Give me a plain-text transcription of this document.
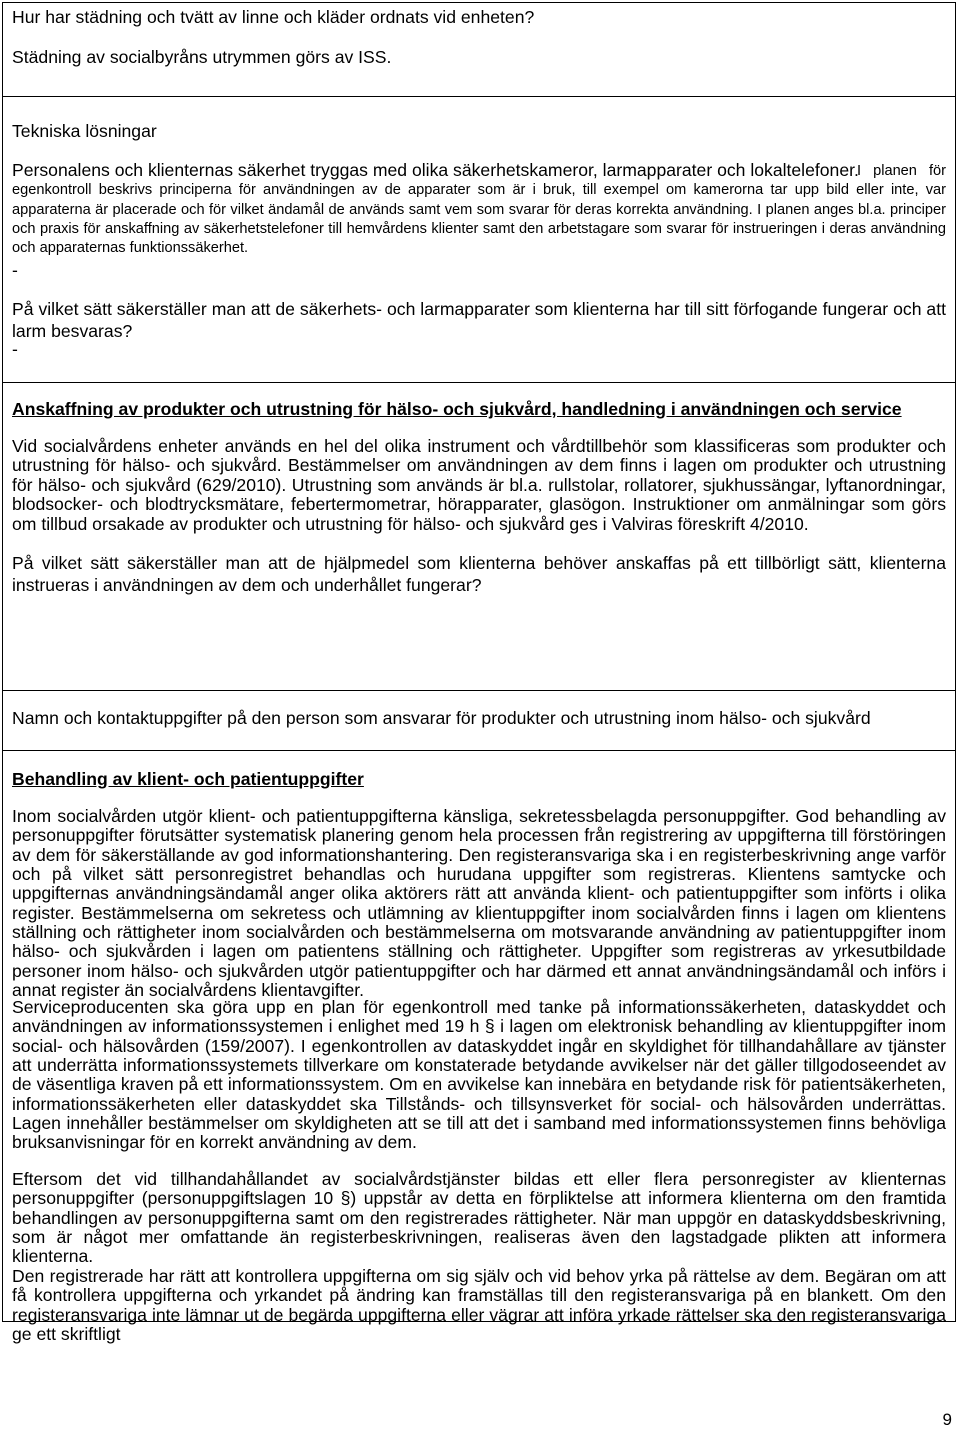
Hur har städning och tvätt av linne och kläder ordnats vid enheten?

Städning av socialbyråns utrymmen görs av ISS.

Tekniska lösningar

Personalens och klienternas säkerhet tryggas med olika säkerhetskameror, larmapparater och lokaltelefoner.

I planen för egenkontroll beskrivs principerna för användningen av de apparater som är i bruk, till exempel om kamerorna tar upp bild eller inte, var apparaterna är placerade och för vilket ändamål de används samt vem som svarar för deras korrekta användning. I planen anges bl.a. principer och praxis för anskaffning av säkerhetstelefoner till hemvårdens klienter samt den arbetstagare som svarar för instrueringen i deras användning och apparaternas funktionssäkerhet.

-

På vilket sätt säkerställer man att de säkerhets- och larmapparater som klienterna har till sitt förfogande fungerar och att larm besvaras?

-

Anskaffning av produkter och utrustning för hälso- och sjukvård, handledning i användningen och service

Vid socialvårdens enheter används en hel del olika instrument och vårdtillbehör som klassificeras som produkter och utrustning för hälso- och sjukvård. Bestämmelser om användningen av dem finns i lagen om produkter och utrustning för hälso- och sjukvård (629/2010). Utrustning som används är bl.a. rullstolar, rollatorer, sjukhussängar, lyftanordningar, blodsocker- och blodtrycksmätare, febertermometrar, hörapparater, glasögon. Instruktioner om anmälningar som görs om tillbud orsakade av produkter och utrustning för hälso- och sjukvård ges i Valviras föreskrift 4/2010.

På vilket sätt säkerställer man att de hjälpmedel som klienterna behöver anskaffas på ett tillbörligt sätt, klienterna instrueras i användningen av dem och underhållet fungerar?

Namn och kontaktuppgifter på den person som ansvarar för produkter och utrustning inom hälso- och sjukvård

Behandling av klient- och patientuppgifter

Inom socialvården utgör klient- och patientuppgifterna känsliga, sekretessbelagda personuppgifter. God behandling av personuppgifter förutsätter systematisk planering genom hela processen från registrering av uppgifterna till förstöringen av dem för säkerställande av god informationshantering. Den registeransvariga ska i en registerbeskrivning ange varför och på vilket sätt personregistret behandlas och hurudana uppgifter som registreras. Klientens samtycke och uppgifternas användningsändamål anger olika aktörers rätt att använda klient- och patientuppgifter som införts i olika register. Bestämmelserna om sekretess och utlämning av klientuppgifter inom socialvården finns i lagen om klientens ställning och rättigheter inom socialvården och bestämmelserna om motsvarande användning av patientuppgifter inom hälso- och sjukvården i lagen om patientens ställning och rättigheter. Uppgifter som registreras av yrkesutbildade personer inom hälso- och sjukvården utgör patientuppgifter och har därmed ett annat användningsändamål och införs i annat register än socialvårdens klientavgifter.

Serviceproducenten ska göra upp en plan för egenkontroll med tanke på informationssäkerheten, dataskyddet och användningen av informationssystemen i enlighet med 19 h § i lagen om elektronisk behandling av klientuppgifter inom social- och hälsovården (159/2007). I egenkontrollen av dataskyddet ingår en skyldighet för tillhandahållare av tjänster att underrätta informationssystemets tillverkare om konstaterade betydande avvikelser när det gäller tillgodoseendet av de väsentliga kraven på ett informationssystem. Om en avvikelse kan innebära en betydande risk för patientsäkerheten, informationssäkerheten eller dataskyddet ska Tillstånds- och tillsynsverket för social- och hälsovården underrättas. Lagen innehåller bestämmelser om skyldigheten att se till att det i samband med informationssystemen finns behövliga bruksanvisningar för en korrekt användning av dem.

Eftersom det vid tillhandahållandet av socialvårdstjänster bildas ett eller flera personregister av klienternas personuppgifter (personuppgiftslagen 10 §) uppstår av detta en förpliktelse att informera klienterna om den framtida behandlingen av personuppgifterna samt om den registrerades rättigheter. När man uppgör en dataskyddsbeskrivning, som är något mer omfattande än registerbeskrivningen, realiseras även den lagstadgade plikten att informera klienterna.

Den registrerade har rätt att kontrollera uppgifterna om sig själv och vid behov yrka på rättelse av dem. Begäran om att få kontrollera uppgifterna och yrkandet på ändring kan framställas till den registeransvariga på en blankett. Om den registeransvariga inte lämnar ut de begärda uppgifterna eller vägrar att införa yrkade rättelser ska den registeransvariga ge ett skriftligt

9
